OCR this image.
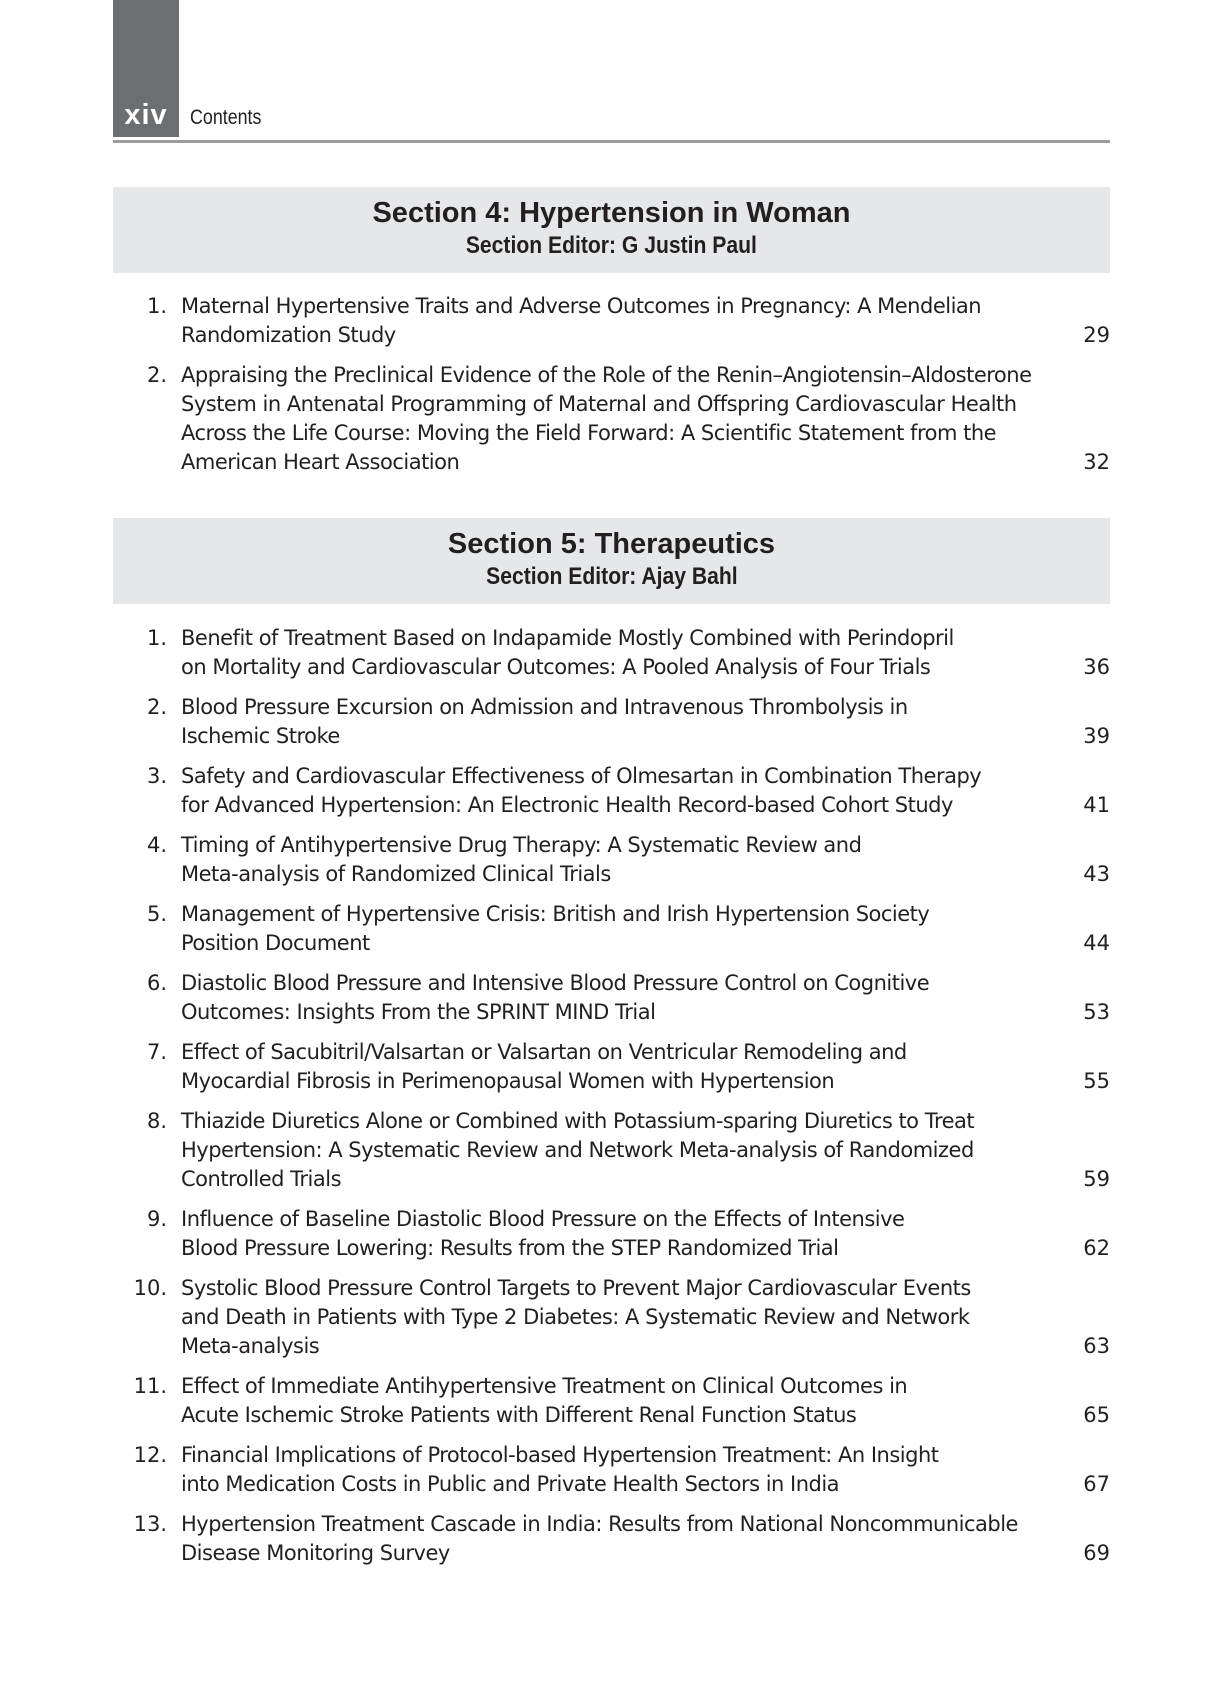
xiv Contents
Section 4: Hypertension in Woman
Section Editor: G Justin Paul
1. Maternal Hypertensive Traits and Adverse Outcomes in Pregnancy: A Mendelian
Randomization Study	29
2. Appraising the Preclinical Evidence of the Role of the Renin–Angiotensin–Aldosterone
System in Antenatal Programming of Maternal and Offspring Cardiovascular Health
Across the Life Course: Moving the Field Forward: A Scientific Statement from the
American Heart Association	32
Section 5: Therapeutics
Section Editor: Ajay Bahl
1. Benefit of Treatment Based on Indapamide Mostly Combined with Perindopril
on Mortality and Cardiovascular Outcomes: A Pooled Analysis of Four Trials	36
2. Blood Pressure Excursion on Admission and Intravenous Thrombolysis in
Ischemic Stroke	39
3. Safety and Cardiovascular Effectiveness of Olmesartan in Combination Therapy
for Advanced Hypertension: An Electronic Health Record-based Cohort Study	41
4. Timing of Antihypertensive Drug Therapy: A Systematic Review and
Meta-analysis of Randomized Clinical Trials	43
5. Management of Hypertensive Crisis: British and Irish Hypertension Society
Position Document	44
6. Diastolic Blood Pressure and Intensive Blood Pressure Control on Cognitive
Outcomes: Insights From the SPRINT MIND Trial	53
7. Effect of Sacubitril/Valsartan or Valsartan on Ventricular Remodeling and
Myocardial Fibrosis in Perimenopausal Women with Hypertension	55
8. Thiazide Diuretics Alone or Combined with Potassium-sparing Diuretics to Treat
Hypertension: A Systematic Review and Network Meta-analysis of Randomized
Controlled Trials	59
9. Influence of Baseline Diastolic Blood Pressure on the Effects of Intensive
Blood Pressure Lowering: Results from the STEP Randomized Trial	62
10. Systolic Blood Pressure Control Targets to Prevent Major Cardiovascular Events
and Death in Patients with Type 2 Diabetes: A Systematic Review and Network
Meta-analysis	63
11. Effect of Immediate Antihypertensive Treatment on Clinical Outcomes in
Acute Ischemic Stroke Patients with Different Renal Function Status	65
12. Financial Implications of Protocol-based Hypertension Treatment: An Insight
into Medication Costs in Public and Private Health Sectors in India	67
13. Hypertension Treatment Cascade in India: Results from National Noncommunicable
Disease Monitoring Survey	69
